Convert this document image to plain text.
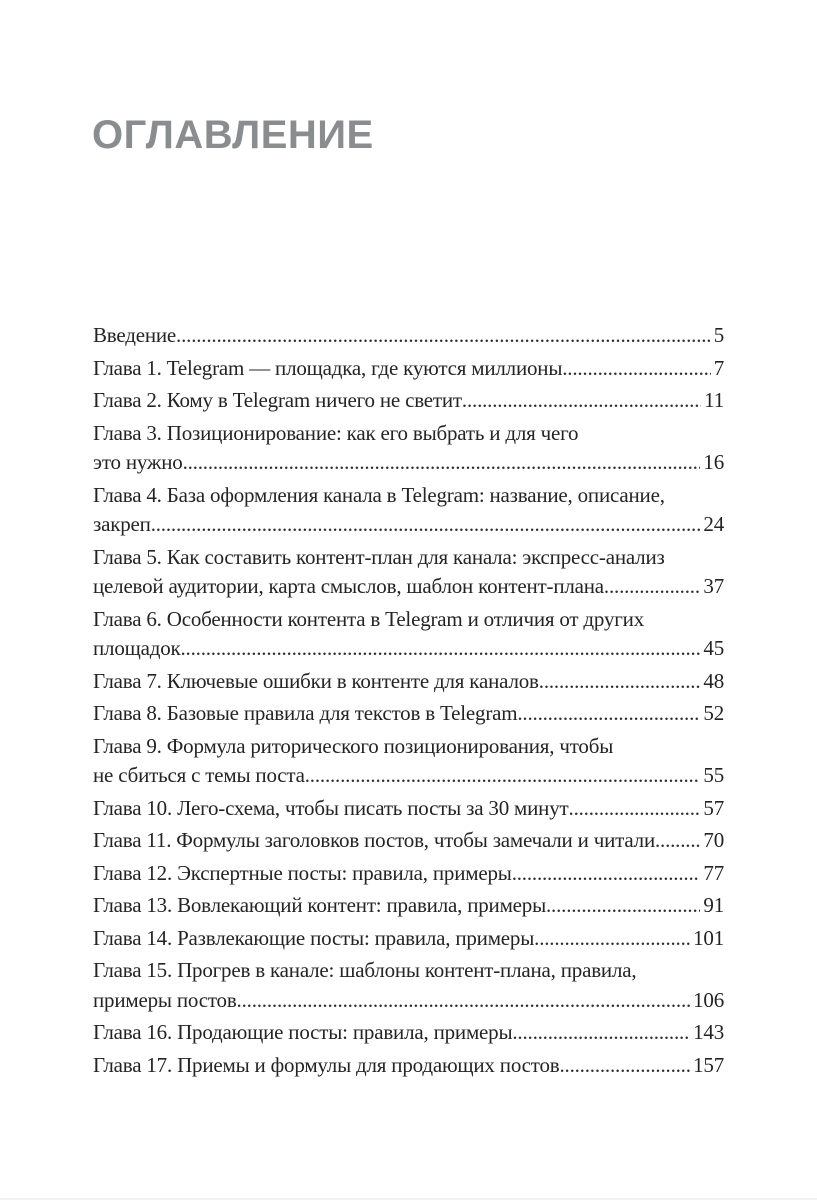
ОГЛАВЛЕНИЕ
Введение .....	5
Глава 1. Telegram — площадка, где куются миллионы .....	7
Глава 2. Кому в Telegram ничего не светит .....	11
Глава 3. Позиционирование: как его выбрать и для чего
это нужно .....	16
Глава 4. База оформления канала в Telegram: название, описание,
закреп .....	24
Глава 5. Как составить контент-план для канала: экспресс-анализ
целевой аудитории, карта смыслов, шаблон контент-плана .....	37
Глава 6. Особенности контента в Telegram и отличия от других
площадок .....	45
Глава 7. Ключевые ошибки в контенте для каналов .....	48
Глава 8. Базовые правила для текстов в Telegram .....	52
Глава 9. Формула риторического позиционирования, чтобы
не сбиться с темы поста .....	55
Глава 10. Лего-схема, чтобы писать посты за 30 минут .....	57
Глава 11. Формулы заголовков постов, чтобы замечали и читали ..... 70
Глава 12. Экспертные посты: правила, примеры .....	77
Глава 13. Вовлекающий контент: правила, примеры .....	91
Глава 14. Развлекающие посты: правила, примеры .....	101
Глава 15. Прогрев в канале: шаблоны контент-плана, правила,
примеры постов .....	106
Глава 16. Продающие посты: правила, примеры .....	143
Глава 17. Приемы и формулы для продающих постов .....	157
